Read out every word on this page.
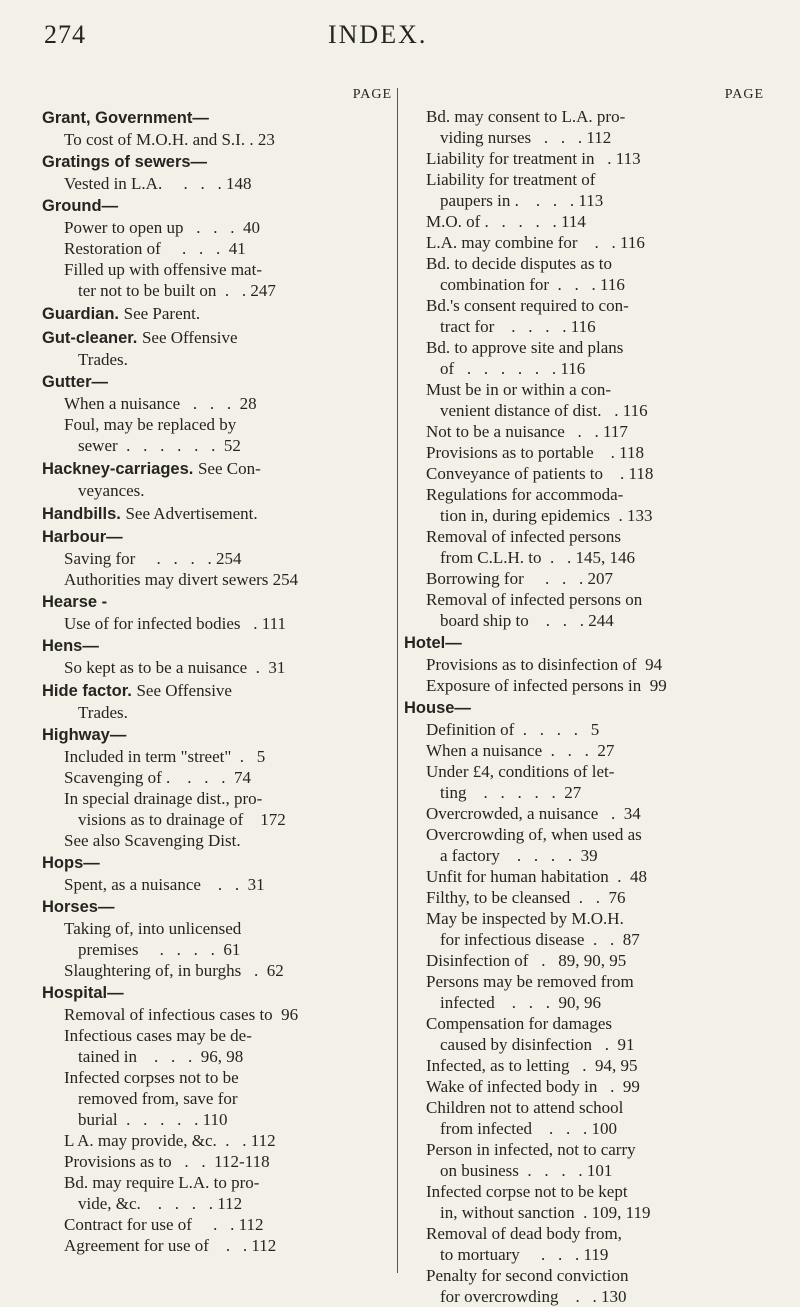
274	INDEX.
PAGE
Grant, Government—
To cost of M.O.H. and S.I. . 23
Gratings of sewers—
Vested in L.A.     .   .   . 148
Ground—
Power to open up   .   .   .  40
Restoration of     .   .   .  41
Filled up with offensive mat-
ter not to be built on  .   . 247
Guardian. See Parent.
Gut-cleaner. See Offensive
Trades.
Gutter—
When a nuisance   .   .   .  28
Foul, may be replaced by
sewer  .   .   .   .   .   .  52
Hackney-carriages. See Con-
veyances.
Handbills. See Advertisement.
Harbour—
Saving for     .   .   .   . 254
Authorities may divert sewers 254
Hearse -
Use of for infected bodies   . 111
Hens—
So kept as to be a nuisance  .  31
Hide factor. See Offensive
Trades.
Highway—
Included in term "street"  .   5
Scavenging of .    .   .   .  74
In special drainage dist., pro-
visions as to drainage of    172
See also Scavenging Dist.
Hops—
Spent, as a nuisance    .   .  31
Horses—
Taking of, into unlicensed
premises     .   .   .   .  61
Slaughtering of, in burghs   .  62
Hospital—
Removal of infectious cases to  96
Infectious cases may be de-
tained in    .   .   .  96, 98
Infected corpses not to be
removed from, save for
burial  .   .   .   .   . 110
L A. may provide, &c.  .   . 112
Provisions as to   .   .  112-118
Bd. may require L.A. to pro-
vide, &c.    .   .   .   . 112
Contract for use of     .   . 112
Agreement for use of    .   . 112
PAGE
Bd. may consent to L.A. pro-
viding nurses   .   .   . 112
Liability for treatment in   . 113
Liability for treatment of
paupers in .    .   .   . 113
M.O. of .   .   .   .   . 114
L.A. may combine for    .   . 116
Bd. to decide disputes as to
combination for  .   .   . 116
Bd.'s consent required to con-
tract for    .   .   .   . 116
Bd. to approve site and plans
of   .   .   .   .   .   . 116
Must be in or within a con-
venient distance of dist.   . 116
Not to be a nuisance   .   . 117
Provisions as to portable    . 118
Conveyance of patients to    . 118
Regulations for accommoda-
tion in, during epidemics  . 133
Removal of infected persons
from C.L.H. to  .   . 145, 146
Borrowing for     .   .   . 207
Removal of infected persons on
board ship to    .   .   . 244
Hotel—
Provisions as to disinfection of  94
Exposure of infected persons in  99
House—
Definition of  .   .   .   .   5
When a nuisance  .   .   .  27
Under £4, conditions of let-
ting    .   .   .   .   .  27
Overcrowded, a nuisance   .  34
Overcrowding of, when used as
a factory    .   .   .   .  39
Unfit for human habitation  .  48
Filthy, to be cleansed  .   .  76
May be inspected by M.O.H.
for infectious disease  .   .  87
Disinfection of   .   89, 90, 95
Persons may be removed from
infected    .   .   .  90, 96
Compensation for damages
caused by disinfection   .  91
Infected, as to letting   .  94, 95
Wake of infected body in   .  99
Children not to attend school
from infected    .   .   . 100
Person in infected, not to carry
on business  .   .   .   . 101
Infected corpse not to be kept
in, without sanction  . 109, 119
Removal of dead body from,
to mortuary     .   .   . 119
Penalty for second conviction
for overcrowding    .   . 130
